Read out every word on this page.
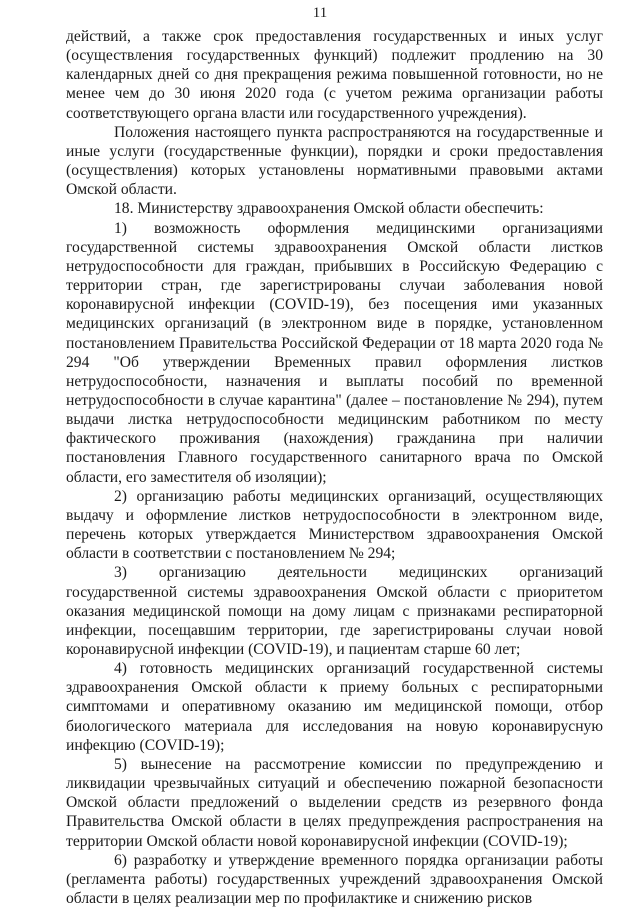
11

действий, а также срок предоставления государственных и иных услуг (осуществления государственных функций) подлежит продлению на 30 календарных дней со дня прекращения режима повышенной готовности, но не менее чем до 30 июня 2020 года (с учетом режима организации работы соответствующего органа власти или государственного учреждения).

Положения настоящего пункта распространяются на государственные и иные услуги (государственные функции), порядки и сроки предоставления (осуществления) которых установлены нормативными правовыми актами Омской области.

18. Министерству здравоохранения Омской области обеспечить:

1) возможность оформления медицинскими организациями государственной системы здравоохранения Омской области листков нетрудоспособности для граждан, прибывших в Российскую Федерацию с территории стран, где зарегистрированы случаи заболевания новой коронавирусной инфекции (COVID-19), без посещения ими указанных медицинских организаций (в электронном виде в порядке, установленном постановлением Правительства Российской Федерации от 18 марта 2020 года № 294 "Об утверждении Временных правил оформления листков нетрудоспособности, назначения и выплаты пособий по временной нетрудоспособности в случае карантина" (далее – постановление № 294), путем выдачи листка нетрудоспособности медицинским работником по месту фактического проживания (нахождения) гражданина при наличии постановления Главного государственного санитарного врача по Омской области, его заместителя об изоляции);

2) организацию работы медицинских организаций, осуществляющих выдачу и оформление листков нетрудоспособности в электронном виде, перечень которых утверждается Министерством здравоохранения Омской области в соответствии с постановлением № 294;

3) организацию деятельности медицинских организаций государственной системы здравоохранения Омской области с приоритетом оказания медицинской помощи на дому лицам с признаками респираторной инфекции, посещавшим территории, где зарегистрированы случаи новой коронавирусной инфекции (COVID-19), и пациентам старше 60 лет;

4) готовность медицинских организаций государственной системы здравоохранения Омской области к приему больных с респираторными симптомами и оперативному оказанию им медицинской помощи, отбор биологического материала для исследования на новую коронавирусную инфекцию (COVID-19);

5) вынесение на рассмотрение комиссии по предупреждению и ликвидации чрезвычайных ситуаций и обеспечению пожарной безопасности Омской области предложений о выделении средств из резервного фонда Правительства Омской области в целях предупреждения распространения на территории Омской области новой коронавирусной инфекции (COVID-19);

6) разработку и утверждение временного порядка организации работы (регламента работы) государственных учреждений здравоохранения Омской области в целях реализации мер по профилактике и снижению рисков
